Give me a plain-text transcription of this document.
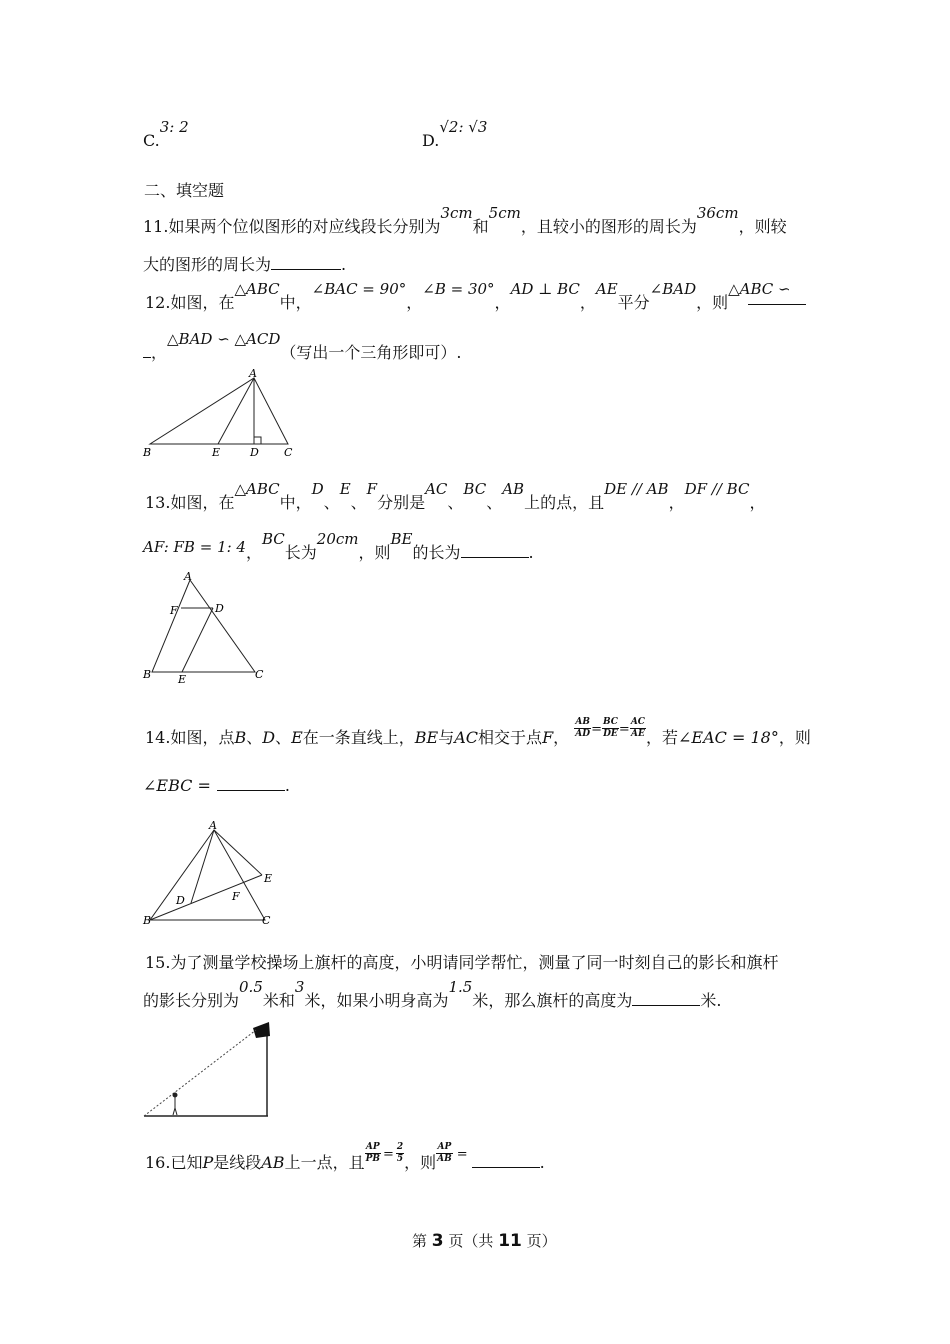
C.3: 2
D.√2: √3
二、填空题
11.如果两个位似图形的对应线段长分别为3cm和5cm，且较小的图形的周长为36cm，则较
大的图形的周长为	.
12.如图，在△ABC中，∠BAC = 90°，∠B = 30°，AD ⊥ BC，AE平分∠BAD，则△ABC ∽
，△BAD ∽ △ACD（写出一个三角形即可）.
A
B	E	D C
13.如图，在△ABC中，D、E、F分别是AC、BC、AB上的点，且DE // AB，DF // BC，
AF: FB = 1: 4，BC长为20cm，则BE的长为	.
A
F	D
B E	C
14.如图，点B、D、E在一条直线上，BE与AC相交于点F， $\frac{AB}{AD} ^= \frac{BC}{DE} ^= \frac{AC}{AE}$ ，若∠EAC = 18°，则
∠EBC =	.
A
E
D	F
B	C
15.为了测量学校操场上旗杆的高度，小明请同学帮忙，测量了同一时刻自己的影长和旗杆
的影长分别为0.5米和3米，如果小明身高为1.5米，那么旗杆的高度为	米.
16.已知P是线段AB上一点，且 $\frac{AP}{PB} ^= \frac{2}{5}$ ，则 $\frac{AP}{AB} ^=$	.
第 3 页（共 11 页）
